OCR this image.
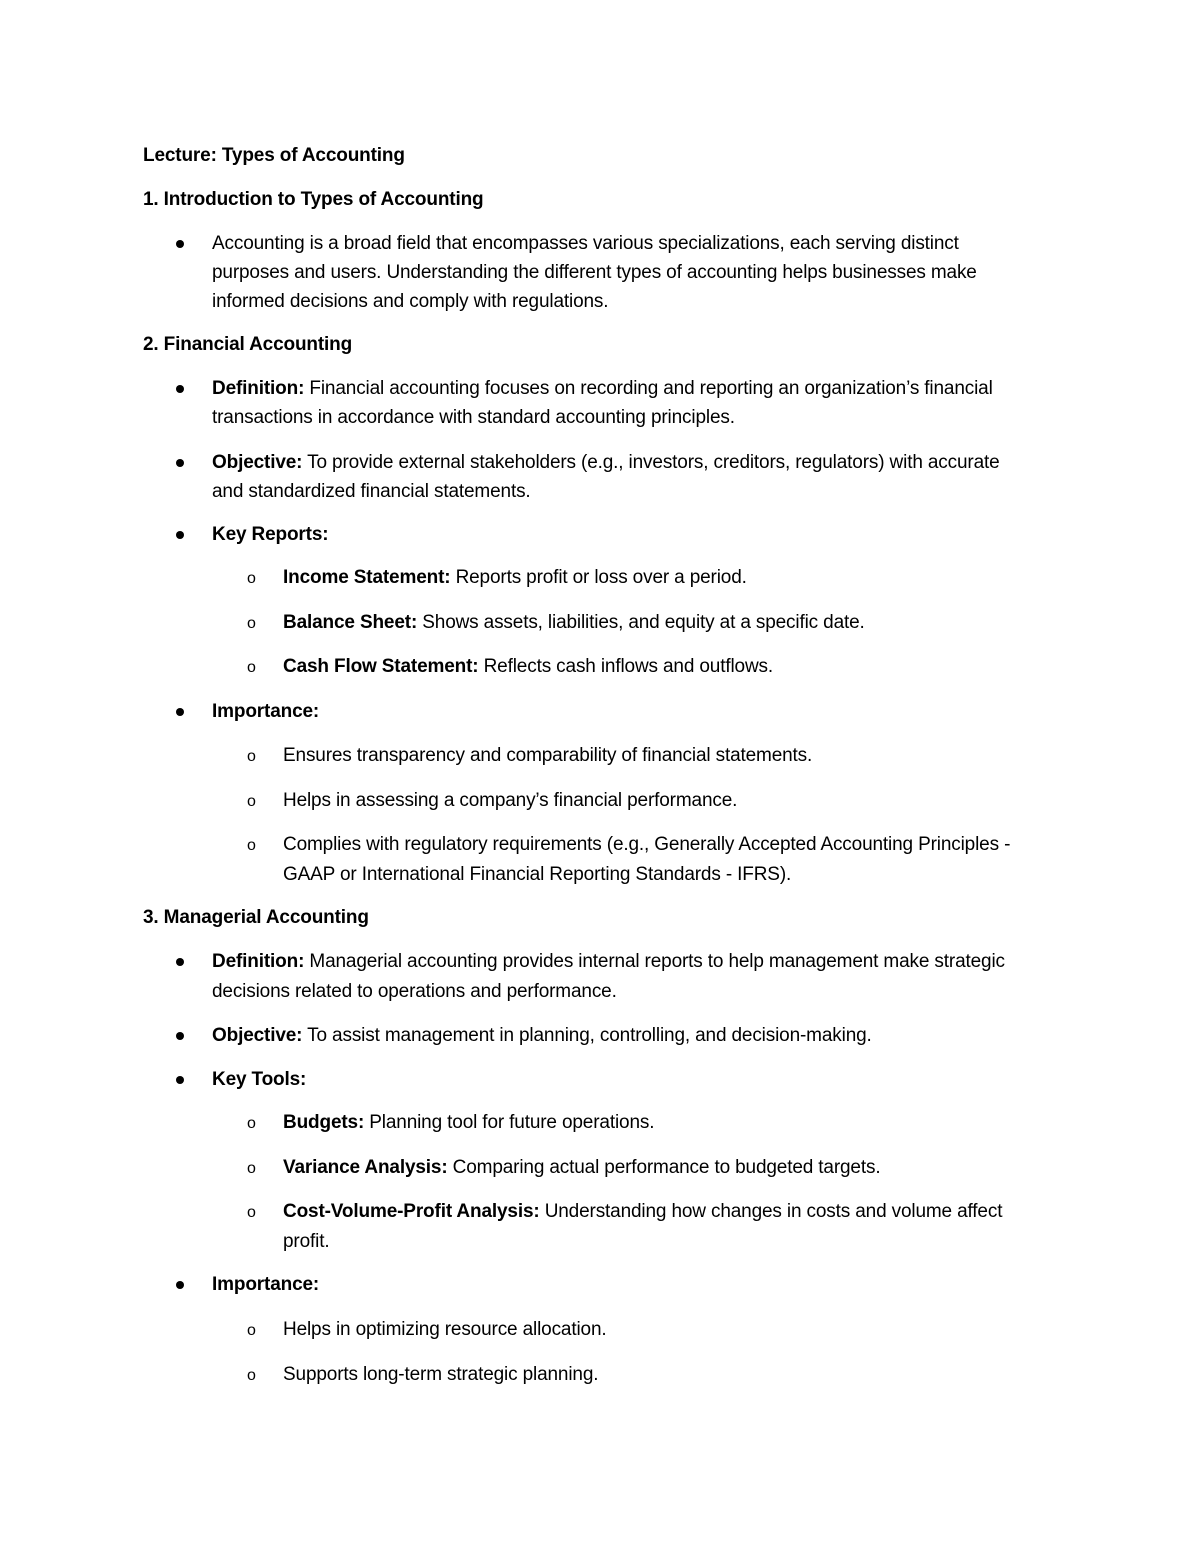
Lecture: Types of Accounting
1. Introduction to Types of Accounting
Accounting is a broad field that encompasses various specializations, each serving distinct
purposes and users. Understanding the different types of accounting helps businesses make
informed decisions and comply with regulations.
2. Financial Accounting
Definition: Financial accounting focuses on recording and reporting an organization’s financial
transactions in accordance with standard accounting principles.
Objective: To provide external stakeholders (e.g., investors, creditors, regulators) with accurate
and standardized financial statements.
Key Reports:
o Income Statement: Reports profit or loss over a period.
o Balance Sheet: Shows assets, liabilities, and equity at a specific date.
o Cash Flow Statement: Reflects cash inflows and outflows.
Importance:
o Ensures transparency and comparability of financial statements.
o Helps in assessing a company’s financial performance.
o Complies with regulatory requirements (e.g., Generally Accepted Accounting Principles -
GAAP or International Financial Reporting Standards - IFRS).
3. Managerial Accounting
Definition: Managerial accounting provides internal reports to help management make strategic
decisions related to operations and performance.
Objective: To assist management in planning, controlling, and decision-making.
Key Tools:
o Budgets: Planning tool for future operations.
o Variance Analysis: Comparing actual performance to budgeted targets.
o Cost-Volume-Profit Analysis: Understanding how changes in costs and volume affect
profit.
Importance:
o Helps in optimizing resource allocation.
o Supports long-term strategic planning.
